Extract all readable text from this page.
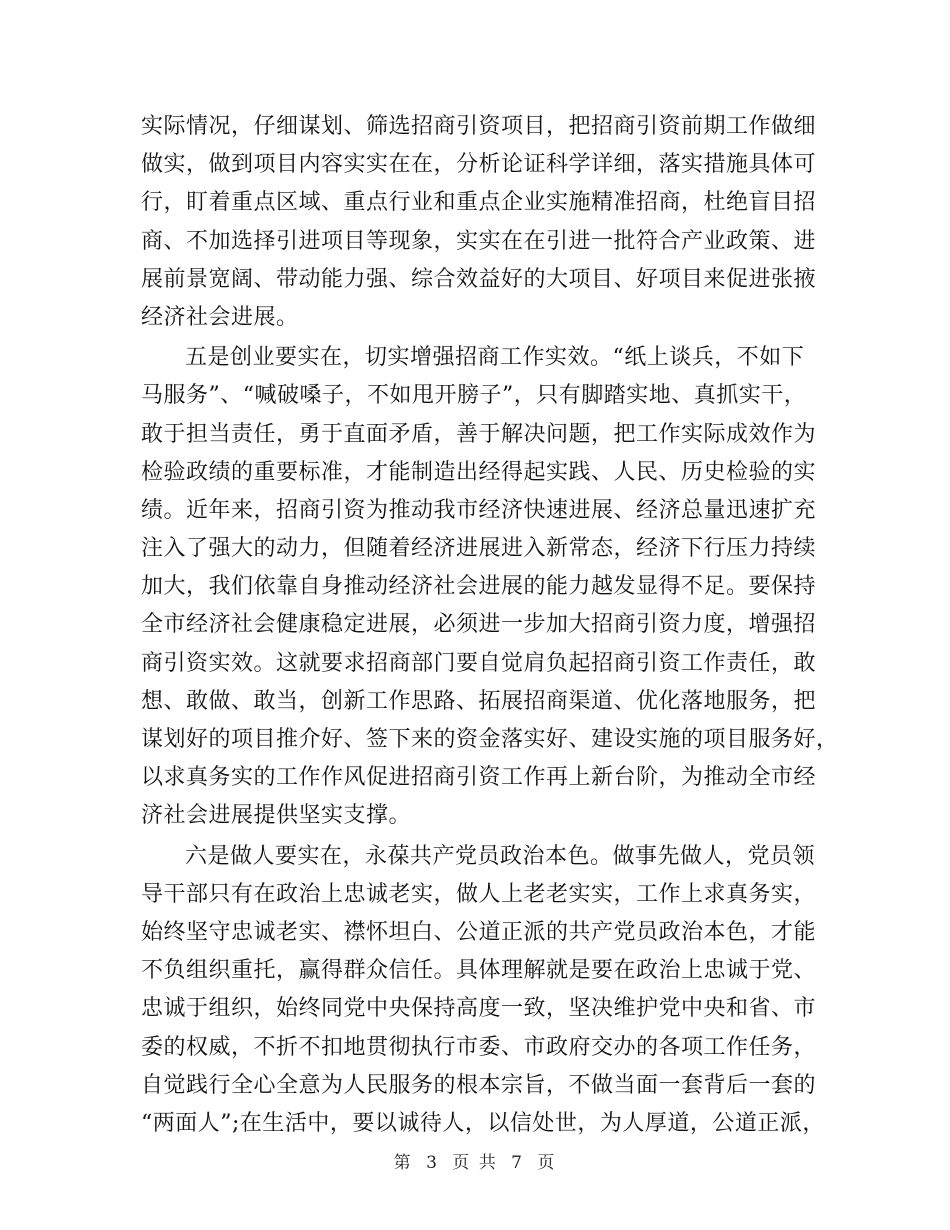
实际情况，仔细谋划、筛选招商引资项目，把招商引资前期工作做细
做实，做到项目内容实实在在，分析论证科学详细，落实措施具体可
行，盯着重点区域、重点行业和重点企业实施精准招商，杜绝盲目招
商、不加选择引进项目等现象，实实在在引进一批符合产业政策、进
展前景宽阔、带动能力强、综合效益好的大项目、好项目来促进张掖
经济社会进展。
五是创业要实在，切实增强招商工作实效。“纸上谈兵，不如下
马服务”、“喊破嗓子，不如甩开膀子”，只有脚踏实地、真抓实干，
敢于担当责任，勇于直面矛盾，善于解决问题，把工作实际成效作为
检验政绩的重要标准，才能制造出经得起实践、人民、历史检验的实
绩。近年来，招商引资为推动我市经济快速进展、经济总量迅速扩充
注入了强大的动力，但随着经济进展进入新常态，经济下行压力持续
加大，我们依靠自身推动经济社会进展的能力越发显得不足。要保持
全市经济社会健康稳定进展，必须进一步加大招商引资力度，增强招
商引资实效。这就要求招商部门要自觉肩负起招商引资工作责任，敢
想、敢做、敢当，创新工作思路、拓展招商渠道、优化落地服务，把
谋划好的项目推介好、签下来的资金落实好、建设实施的项目服务好，
以求真务实的工作作风促进招商引资工作再上新台阶，为推动全市经
济社会进展提供坚实支撑。
六是做人要实在，永葆共产党员政治本色。做事先做人，党员领
导干部只有在政治上忠诚老实，做人上老老实实，工作上求真务实，
始终坚守忠诚老实、襟怀坦白、公道正派的共产党员政治本色，才能
不负组织重托，赢得群众信任。具体理解就是要在政治上忠诚于党、
忠诚于组织，始终同党中央保持高度一致，坚决维护党中央和省、市
委的权威，不折不扣地贯彻执行市委、市政府交办的各项工作任务，
自觉践行全心全意为人民服务的根本宗旨，不做当面一套背后一套的
“两面人”;在生活中，要以诚待人，以信处世，为人厚道，公道正派，
第 3 页 共 7 页
